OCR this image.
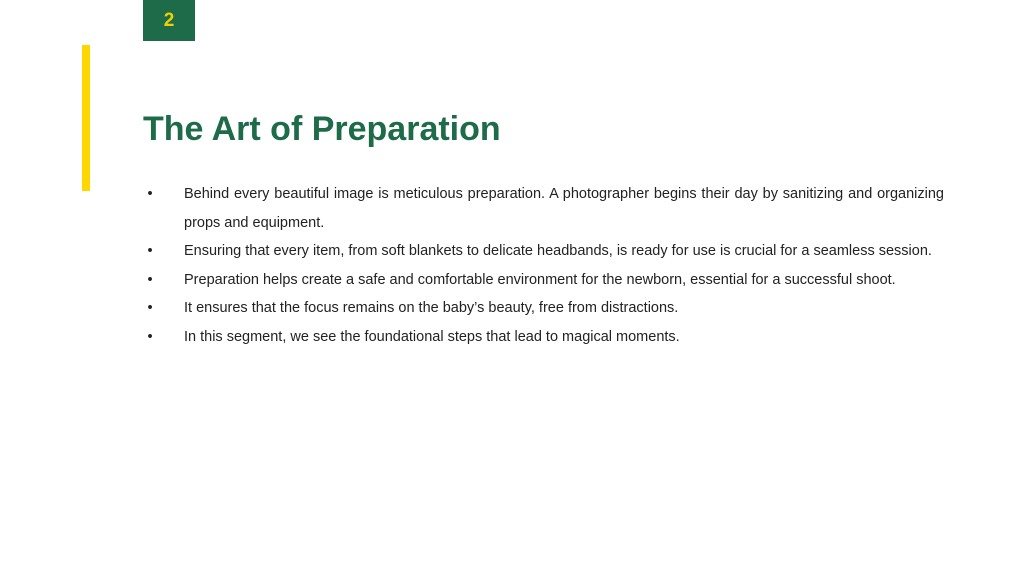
2
The Art of Preparation
•	Behind every beautiful image is meticulous preparation. A photographer begins their day by sanitizing and organizing props and equipment.
•	Ensuring that every item, from soft blankets to delicate headbands, is ready for use is crucial for a seamless session.
•	Preparation helps create a safe and comfortable environment for the newborn, essential for a successful shoot.
•	It ensures that the focus remains on the baby’s beauty, free from distractions.
•	In this segment, we see the foundational steps that lead to magical moments.
